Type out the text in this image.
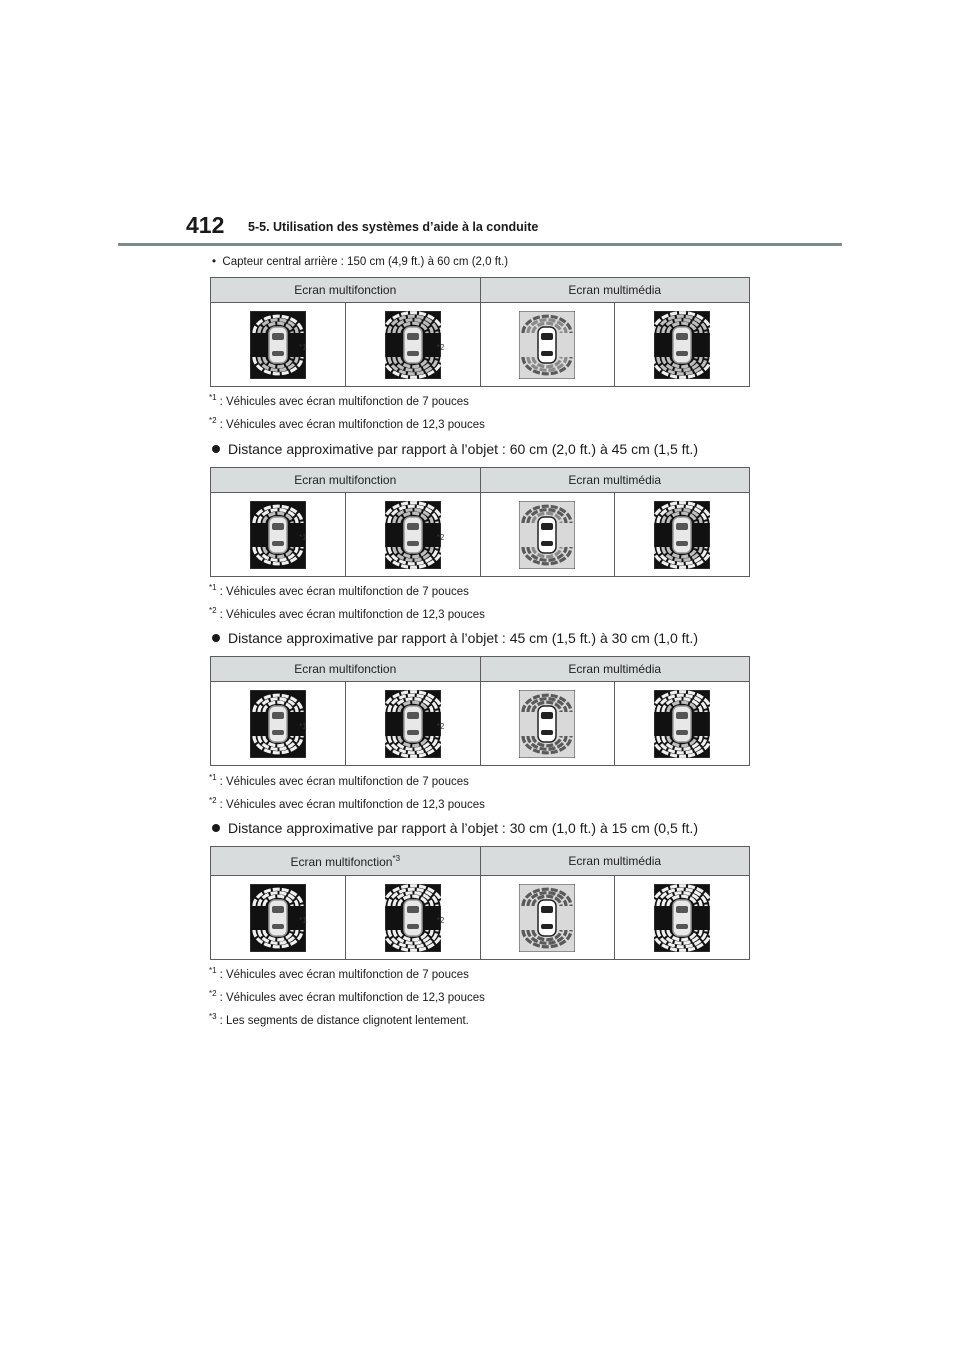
412 5-5. Utilisation des systèmes d’aide à la conduite
• Capteur central arrière : 150 cm (4,9 ft.) à 60 cm (2,0 ft.)
Ecran multifonction		Ecran multimédia	

*1	*2

$^{*1}$ : Véhicules avec écran multifonction de 7 pouces
$^{*2}$ : Véhicules avec écran multifonction de 12,3 pouces
Distance approximative par rapport à l’objet : 60 cm (2,0 ft.) à 45 cm (1,5 ft.)
Ecran multifonction		Ecran multimédia	

*1	*2

$^{*1}$ : Véhicules avec écran multifonction de 7 pouces
$^{*2}$ : Véhicules avec écran multifonction de 12,3 pouces
Distance approximative par rapport à l’objet : 45 cm (1,5 ft.) à 30 cm (1,0 ft.)
Ecran multifonction		Ecran multimédia	

*1	*2

$^{*1}$ : Véhicules avec écran multifonction de 7 pouces
$^{*2}$ : Véhicules avec écran multifonction de 12,3 pouces
Distance approximative par rapport à l’objet : 30 cm (1,0 ft.) à 15 cm (0,5 ft.)
Ecran multifonction$^{*3}$		Ecran multimédia	

*1	*2

$^{*1}$ : Véhicules avec écran multifonction de 7 pouces
$^{*2}$ : Véhicules avec écran multifonction de 12,3 pouces
$^{*3}$ : Les segments de distance clignotent lentement.
